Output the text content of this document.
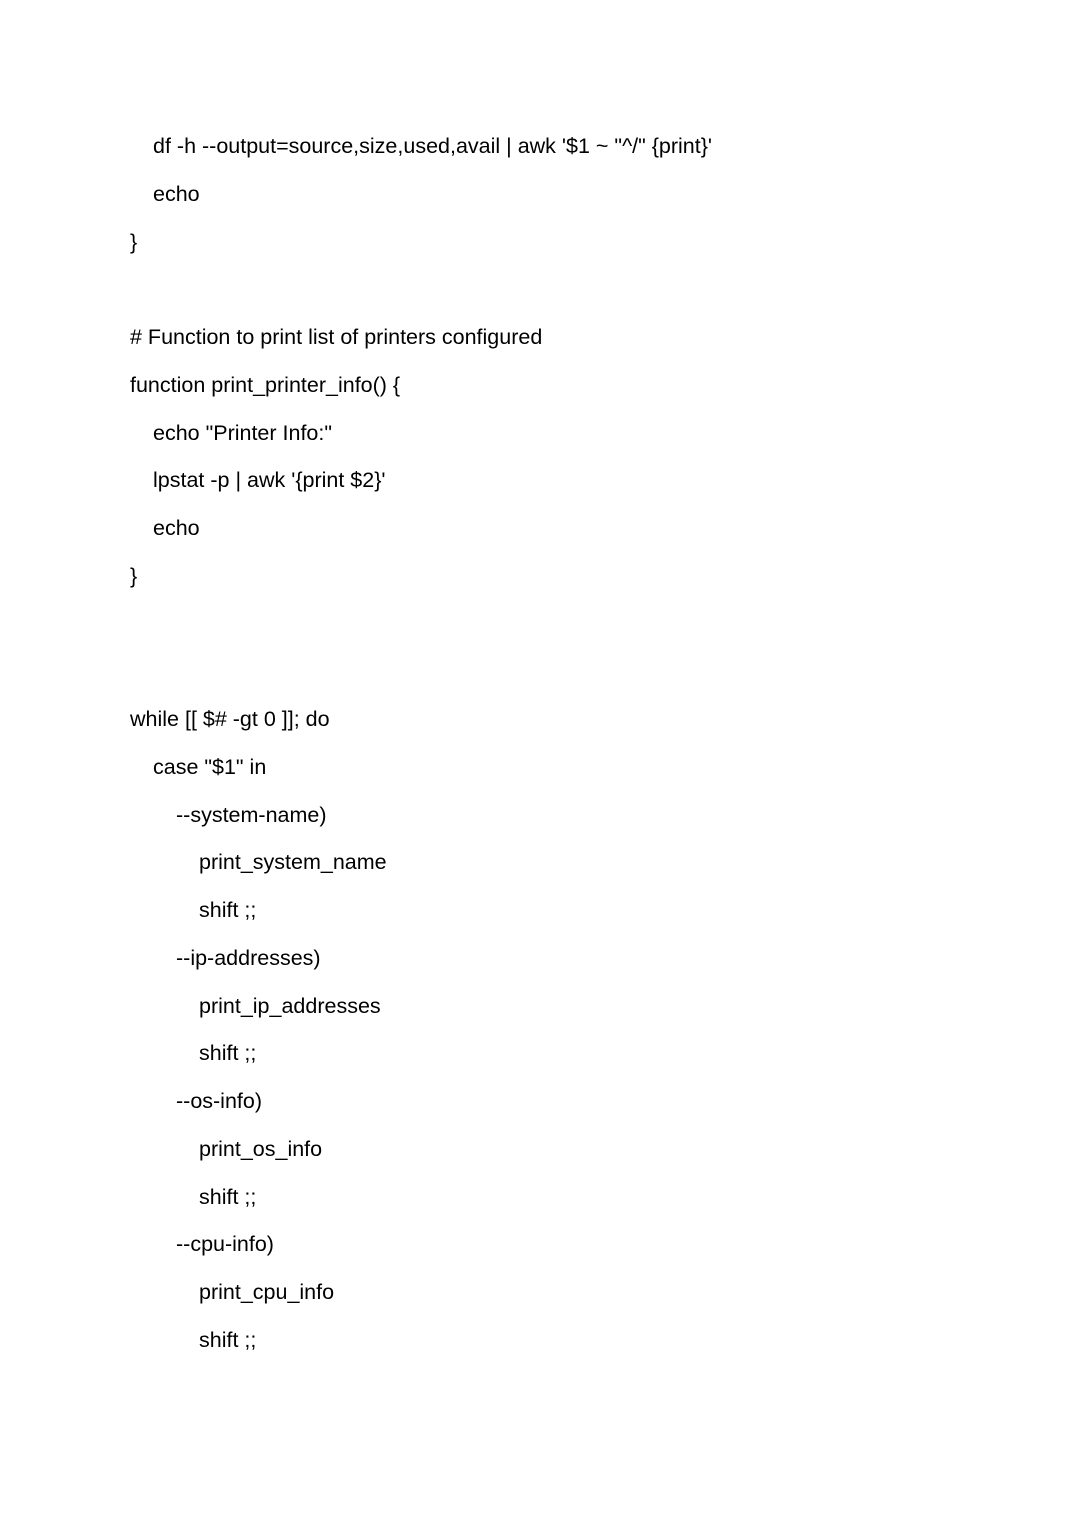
df -h --output=source,size,used,avail | awk '$1 ~ "^/" {print}'
echo
}
# Function to print list of printers configured
function print_printer_info() {
echo "Printer Info:"
lpstat -p | awk '{print $2}'
echo
}
while [[ $# -gt 0 ]]; do
case "$1" in
--system-name)
print_system_name
shift ;;
--ip-addresses)
print_ip_addresses
shift ;;
--os-info)
print_os_info
shift ;;
--cpu-info)
print_cpu_info
shift ;;
